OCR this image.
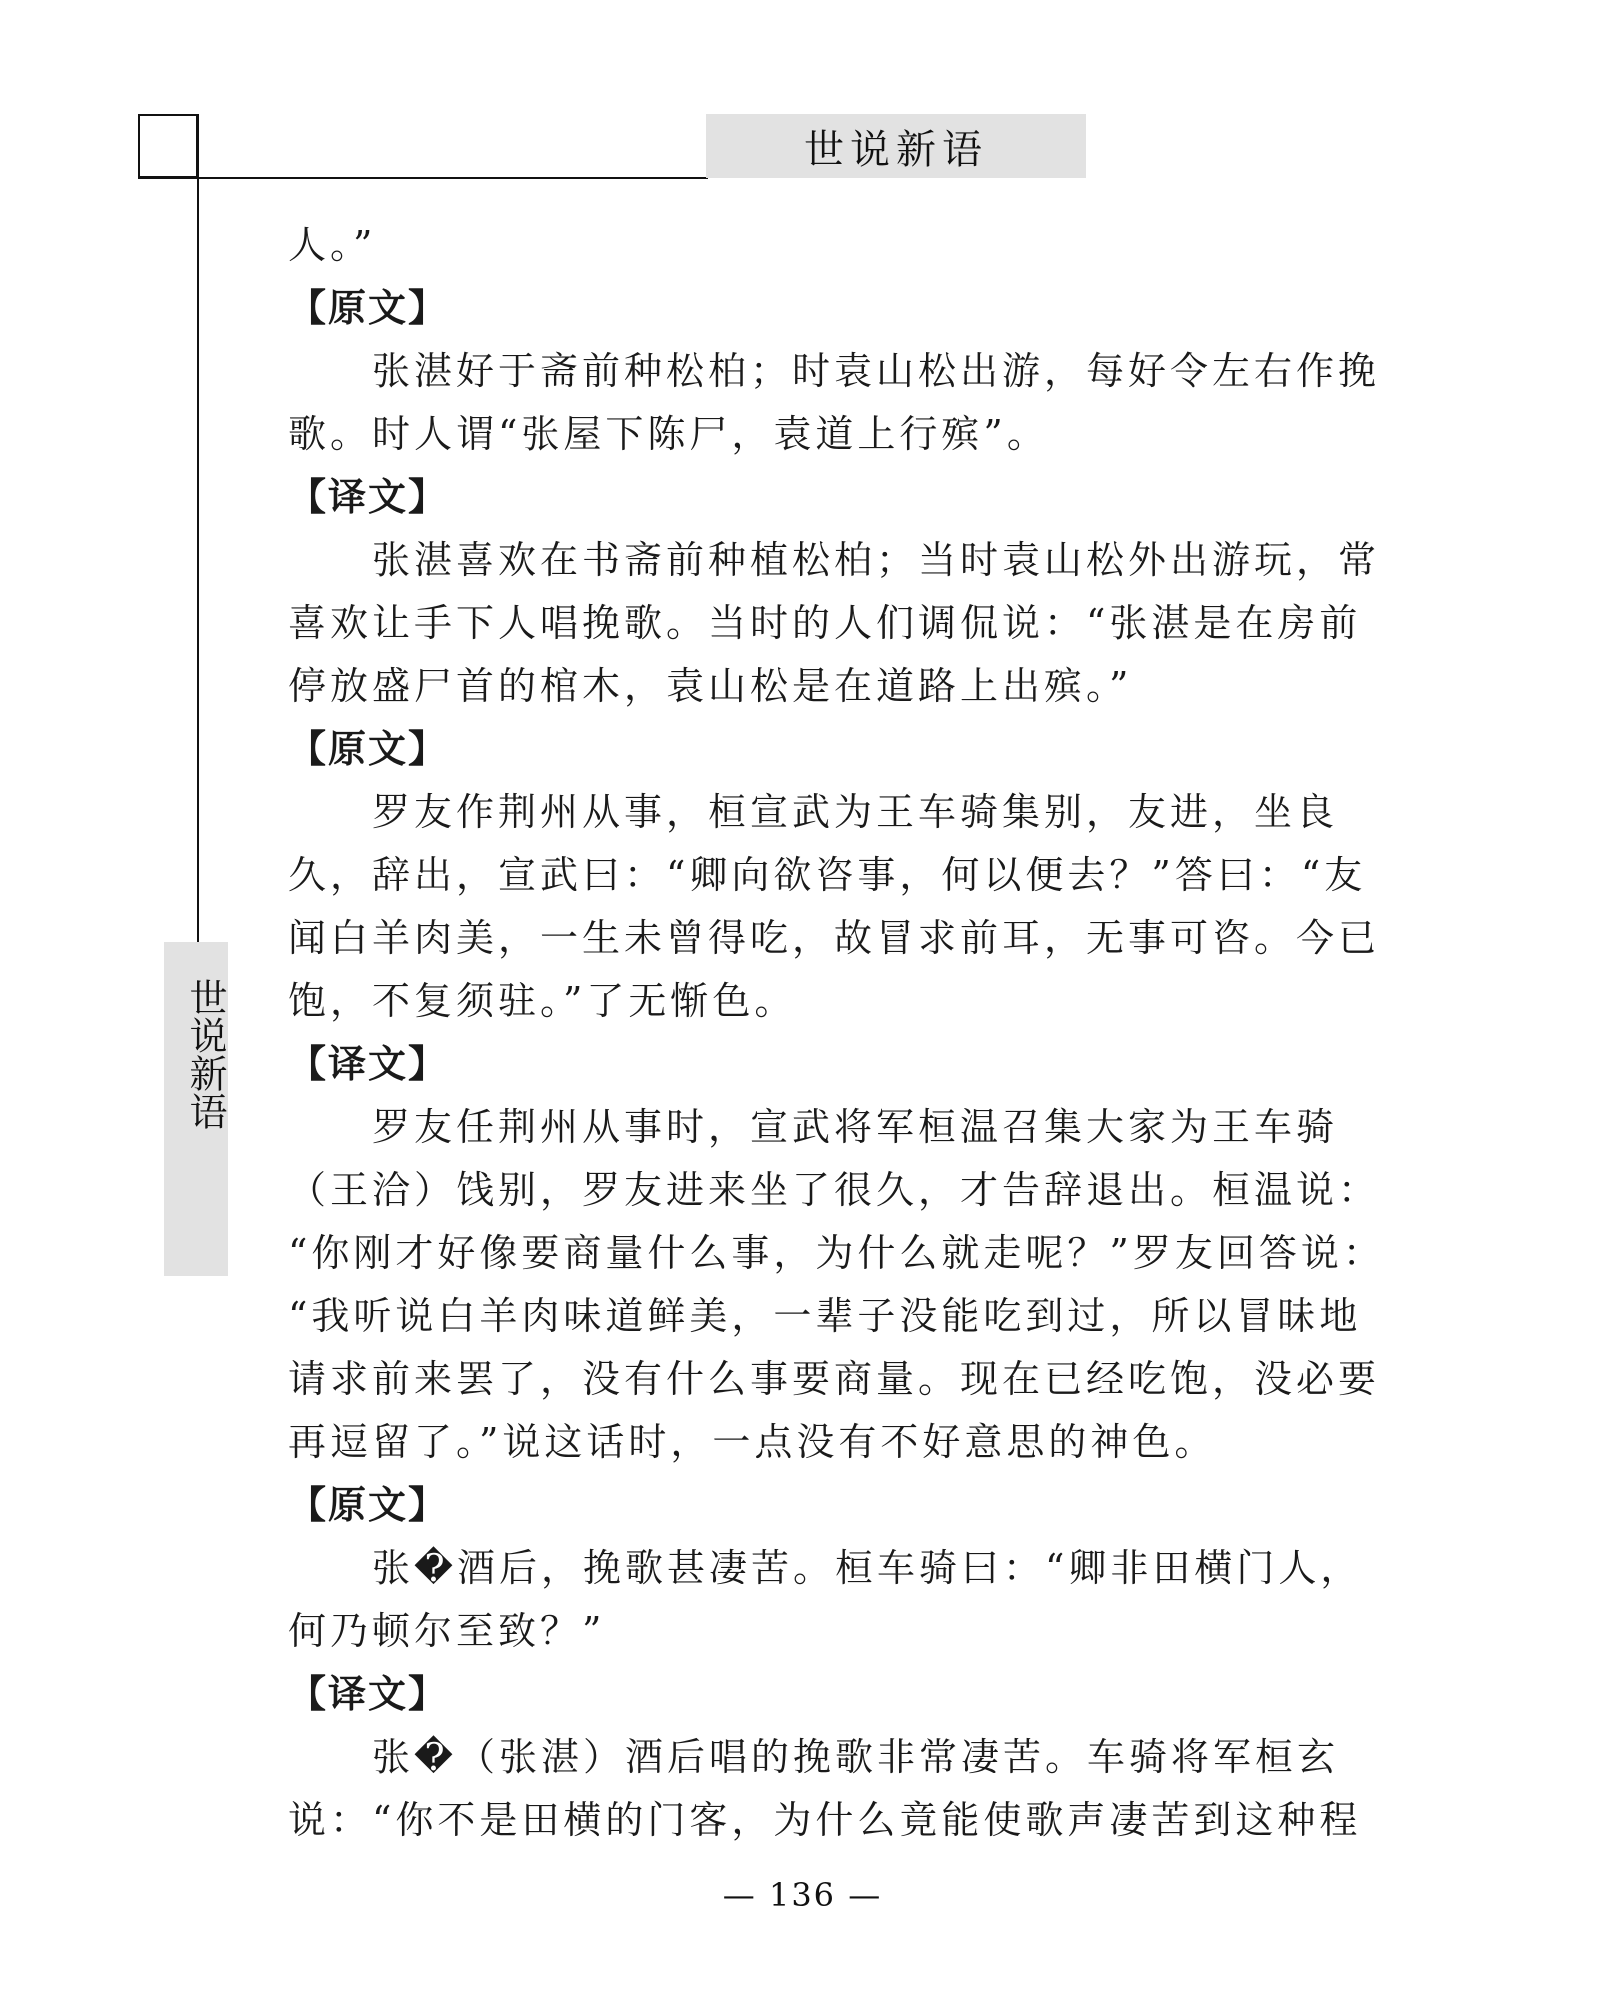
世说新语
世说新语
人。”
【原文】
张湛好于斋前种松柏；时袁山松出游，每好令左右作挽
歌。时人谓“张屋下陈尸，袁道上行殡”。
【译文】
张湛喜欢在书斋前种植松柏；当时袁山松外出游玩，常
喜欢让手下人唱挽歌。当时的人们调侃说：“张湛是在房前
停放盛尸首的棺木，袁山松是在道路上出殡。”
【原文】
罗友作荆州从事，桓宣武为王车骑集别，友进，坐良
久，辞出，宣武曰：“卿向欲咨事，何以便去？”答曰：“友
闻白羊肉美，一生未曾得吃，故冒求前耳，无事可咨。今已
饱，不复须驻。”了无惭色。
【译文】
罗友任荆州从事时，宣武将军桓温召集大家为王车骑
（王洽）饯别，罗友进来坐了很久，才告辞退出。桓温说：
“你刚才好像要商量什么事，为什么就走呢？”罗友回答说：
“我听说白羊肉味道鲜美，一辈子没能吃到过，所以冒昧地
请求前来罢了，没有什么事要商量。现在已经吃饱，没必要
再逗留了。”说这话时，一点没有不好意思的神色。
【原文】
张�酒后，挽歌甚凄苦。桓车骑曰：“卿非田横门人，
何乃顿尔至致？”
【译文】
张�（张湛）酒后唱的挽歌非常凄苦。车骑将军桓玄
说：“你不是田横的门客，为什么竟能使歌声凄苦到这种程
— 136 —
